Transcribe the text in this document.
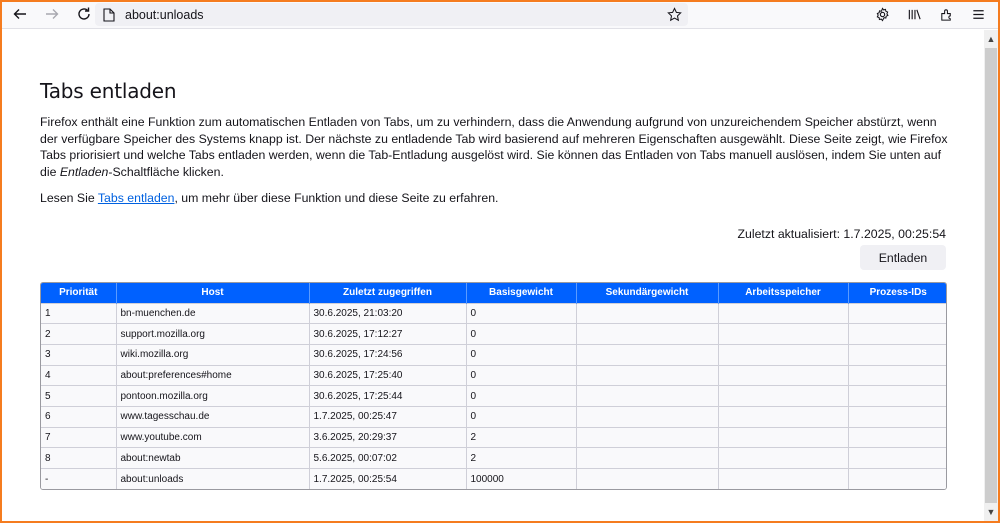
about:unloads
Tabs entladen

Firefox enthält eine Funktion zum automatischen Entladen von Tabs, um zu verhindern, dass die Anwendung aufgrund von unzureichendem Speicher abstürzt, wenn der verfügbare Speicher des Systems knapp ist. Der nächste zu entladende Tab wird basierend auf mehreren Eigenschaften ausgewählt. Diese Seite zeigt, wie Firefox Tabs priorisiert und welche Tabs entladen werden, wenn die Tab-Entladung ausgelöst wird. Sie können das Entladen von Tabs manuell auslösen, indem Sie unten auf die Entladen-Schaltfläche klicken.

Lesen Sie Tabs entladen, um mehr über diese Funktion und diese Seite zu erfahren.

Zuletzt aktualisiert: 1.7.2025, 00:25:54
Entladen
Priorität	Host	Zuletzt zugegriffen	Basisgewicht	Sekundärgewicht	Arbeitsspeicher	Prozess-IDs
1	bn-muenchen.de	30.6.2025, 21:03:20	0			
2	support.mozilla.org	30.6.2025, 17:12:27	0			
3	wiki.mozilla.org	30.6.2025, 17:24:56	0			
4	about:preferences#home	30.6.2025, 17:25:40	0			
5	pontoon.mozilla.org	30.6.2025, 17:25:44	0			
6	www.tagesschau.de	1.7.2025, 00:25:47	0			
7	www.youtube.com	3.6.2025, 20:29:37	2			
8	about:newtab	5.6.2025, 00:07:02	2			
-	about:unloads	1.7.2025, 00:25:54	100000			
▲
▼
